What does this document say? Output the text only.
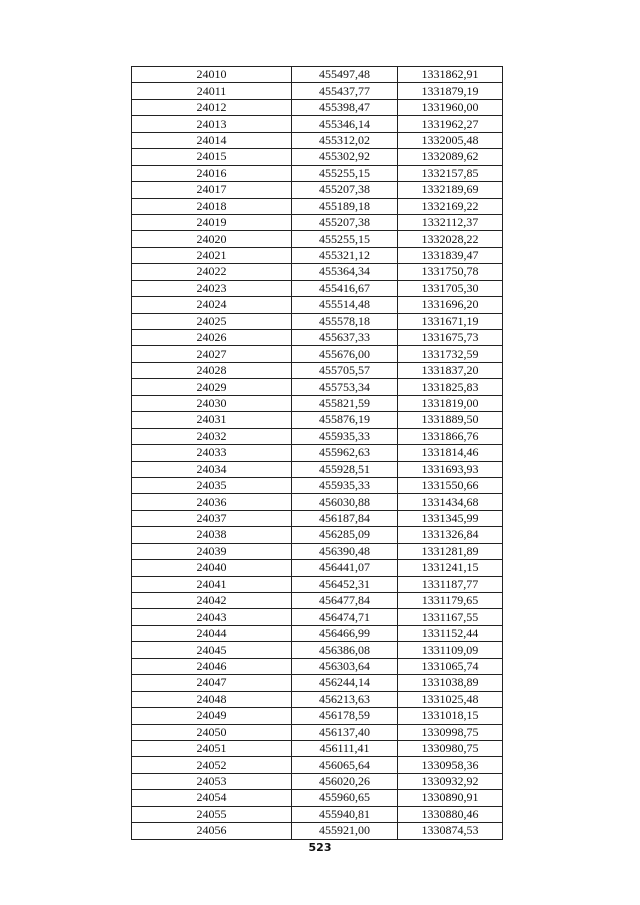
24010	455497,48	1331862,91
24011	455437,77	1331879,19
24012	455398,47	1331960,00
24013	455346,14	1331962,27
24014	455312,02	1332005,48
24015	455302,92	1332089,62
24016	455255,15	1332157,85
24017	455207,38	1332189,69
24018	455189,18	1332169,22
24019	455207,38	1332112,37
24020	455255,15	1332028,22
24021	455321,12	1331839,47
24022	455364,34	1331750,78
24023	455416,67	1331705,30
24024	455514,48	1331696,20
24025	455578,18	1331671,19
24026	455637,33	1331675,73
24027	455676,00	1331732,59
24028	455705,57	1331837,20
24029	455753,34	1331825,83
24030	455821,59	1331819,00
24031	455876,19	1331889,50
24032	455935,33	1331866,76
24033	455962,63	1331814,46
24034	455928,51	1331693,93
24035	455935,33	1331550,66
24036	456030,88	1331434,68
24037	456187,84	1331345,99
24038	456285,09	1331326,84
24039	456390,48	1331281,89
24040	456441,07	1331241,15
24041	456452,31	1331187,77
24042	456477,84	1331179,65
24043	456474,71	1331167,55
24044	456466,99	1331152,44
24045	456386,08	1331109,09
24046	456303,64	1331065,74
24047	456244,14	1331038,89
24048	456213,63	1331025,48
24049	456178,59	1331018,15
24050	456137,40	1330998,75
24051	456111,41	1330980,75
24052	456065,64	1330958,36
24053	456020,26	1330932,92
24054	455960,65	1330890,91
24055	455940,81	1330880,46
24056	455921,00	1330874,53
523
